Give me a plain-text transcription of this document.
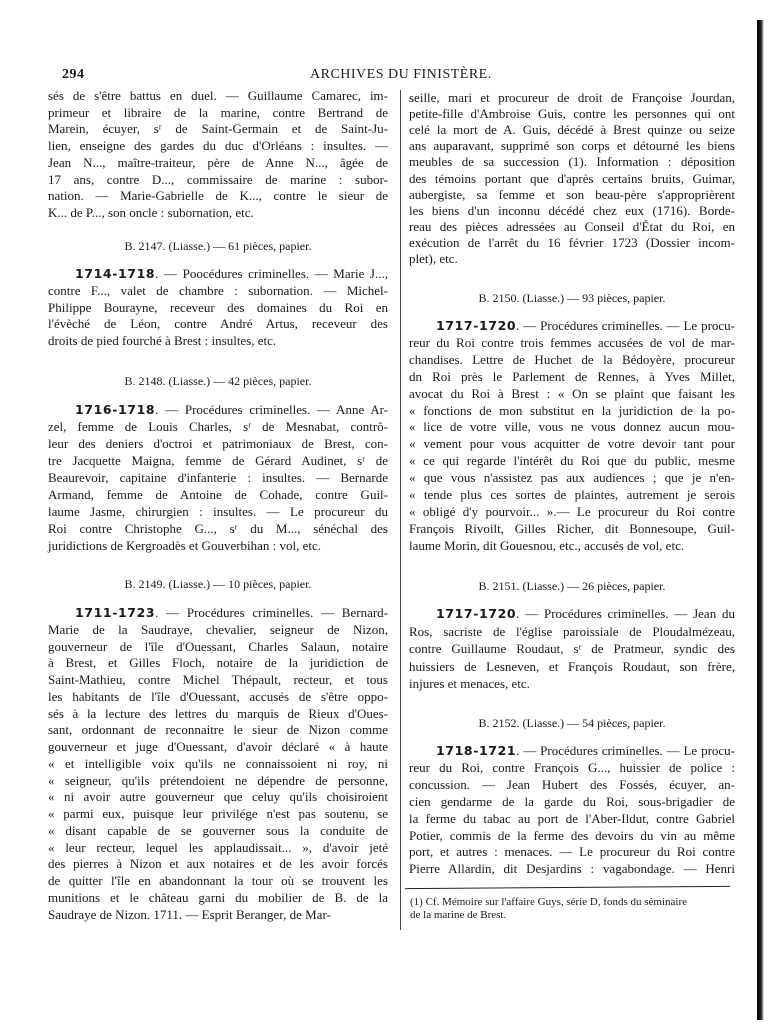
294	ARCHIVES DU FINISTÈRE.
sés de s'être battus en duel. — Guillaume Camarec, im-
primeur et libraire de la marine, contre Bertrand de
Marein, écuyer, sʳ de Saint-Germain et de Saint-Ju-
lien, enseigne des gardes du duc d'Orléans : insultes. —
Jean N..., maître-traiteur, père de Anne N..., âgée de
17 ans, contre D..., commissaire de marine : subor-
nation. — Marie-Gabrielle de K..., contre le sieur de
K... de P..., son oncle : subornation, etc.
B. 2147. (Liasse.) — 61 pièces, papier.
1714-1718. — Poocédures criminelles. — Marie J...,
contre F..., valet de chambre : subornation. — Michel-
Philippe Bourayne, receveur des domaines du Roi en
l'évèché de Léon, contre André Artus, receveur des
droits de pied fourché à Brest : insultes, etc.
B. 2148. (Liasse.) — 42 pièces, papier.
1716-1718. — Procédures criminelles. — Anne Ar-
zel, femme de Louis Charles, sʳ de Mesnabat, contrô-
leur des deniers d'octroi et patrimoniaux de Brest, con-
tre Jacquette Maigna, femme de Gérard Audinet, sʳ de
Beaurevoir, capitaine d'infanterie : insultes. — Bernarde
Armand, femme de Antoine de Cohade, contre Guil-
laume Jasme, chirurgien : insultes. — Le procureur du
Roi contre Christophe G..., sʳ du M..., sénéchal des
juridictions de Kergroadès et Gouverbihan : vol, etc.
B. 2149. (Liasse.) — 10 pièces, papier.
1711-1723. — Procédures criminelles. — Bernard-
Marie de la Saudraye, chevalier, seigneur de Nizon,
gouverneur de l'île d'Ouessant, Charles Salaun, notaire
à Brest, et Gilles Floch, notaire de la juridiction de
Saint-Mathieu, contre Michel Thépault, recteur, et tous
les habitants de l'île d'Ouessant, accusés de s'être oppo-
sés à la lecture des lettres du marquis de Rieux d'Oues-
sant, ordonnant de reconnaitre le sieur de Nizon comme
gouverneur et juge d'Ouessant, d'avoir déclaré « à haute
« et intelligible voix qu'ils ne connaissoient ni roy, ni
« seigneur, qu'ils prétendoient ne dépendre de personne,
« ni avoir autre gouverneur que celuy qu'ils choisiroient
« parmi eux, puisque leur privilége n'est pas soutenu, se
« disant capable de se gouverner sous la conduite de
« leur recteur, lequel les applaudissait... », d'avoir jeté
des pierres à Nizon et aux notaires et de les avoir forcés
de quitter l'île en abandonnant la tour où se trouvent les
munitions et le château garni du mobilier de B. de la
Saudraye de Nizon. 1711. — Esprit Beranger, de Mar-
seille, mari et procureur de droit de Françoise Jourdan,
petite-fille d'Ambroise Guis, contre les personnes qui ont
celé la mort de A. Guis, décédé à Brest quinze ou seize
ans auparavant, supprimé son corps et détourné les biens
meubles de sa succession (1). Information : déposition
des témoins portant que d'après certains bruits, Guimar,
aubergiste, sa femme et son beau-père s'approprièrent
les biens d'un inconnu décédé chez eux (1716). Borde-
reau des pièces adressées au Conseil d'État du Roi, en
exécution de l'arrêt du 16 février 1723 (Dossier incom-
plet), etc.
B. 2150. (Liasse.) — 93 pièces, papier.
1717-1720. — Procédures criminelles. — Le procu-
reur du Roi contre trois femmes accusées de vol de mar-
chandises. Lettre de Huchet de la Bédoyère, procureur
dn Roi près le Parlement de Rennes, à Yves Millet,
avocat du Roi à Brest : « On se plaint que faisant les
« fonctions de mon substitut en la juridiction de la po-
« lice de votre ville, vous ne vous donnez aucun mou-
« vement pour vous acquitter de votre devoir tant pour
« ce qui regarde l'intérêt du Roi que du public, mesme
« que vous n'assistez pas aux audiences ; que je n'en-
« tende plus ces sortes de plaintes, autrement je serois
« obligé d'y pourvoir... ».— Le procureur du Roi contre
François Rivoilt, Gilles Richer, dit Bonnesoupe, Guil-
laume Morin, dit Gouesnou, etc., accusés de vol, etc.
B. 2151. (Liasse.) — 26 pièces, papier.
1717-1720. — Procédures criminelles. — Jean du
Ros, sacriste de l'église paroissiale de Ploudalmézeau,
contre Guillaume Roudaut, sʳ de Pratmeur, syndic des
huissiers de Lesneven, et François Roudaut, son frère,
injures et menaces, etc.
B. 2152. (Liasse.) — 54 pièces, papier.
1718-1721. — Procédures criminelles. — Le procu-
reur du Roi, contre François G..., huissier de police :
concussion. — Jean Hubert des Fossés, écuyer, an-
cien gendarme de la garde du Roi, sous-brigadier de
la ferme du tabac au port de l'Aber-Ildut, contre Gabriel
Potier, commis de la ferme des devoirs du vin au même
port, et autres : menaces. — Le procureur du Roi contre
Pierre Allardin, dit Desjardins : vagabondage. — Henri
(1) Cf. Mémoire sur l'affaire Guys, série D, fonds du séminaire
de la marine de Brest.
